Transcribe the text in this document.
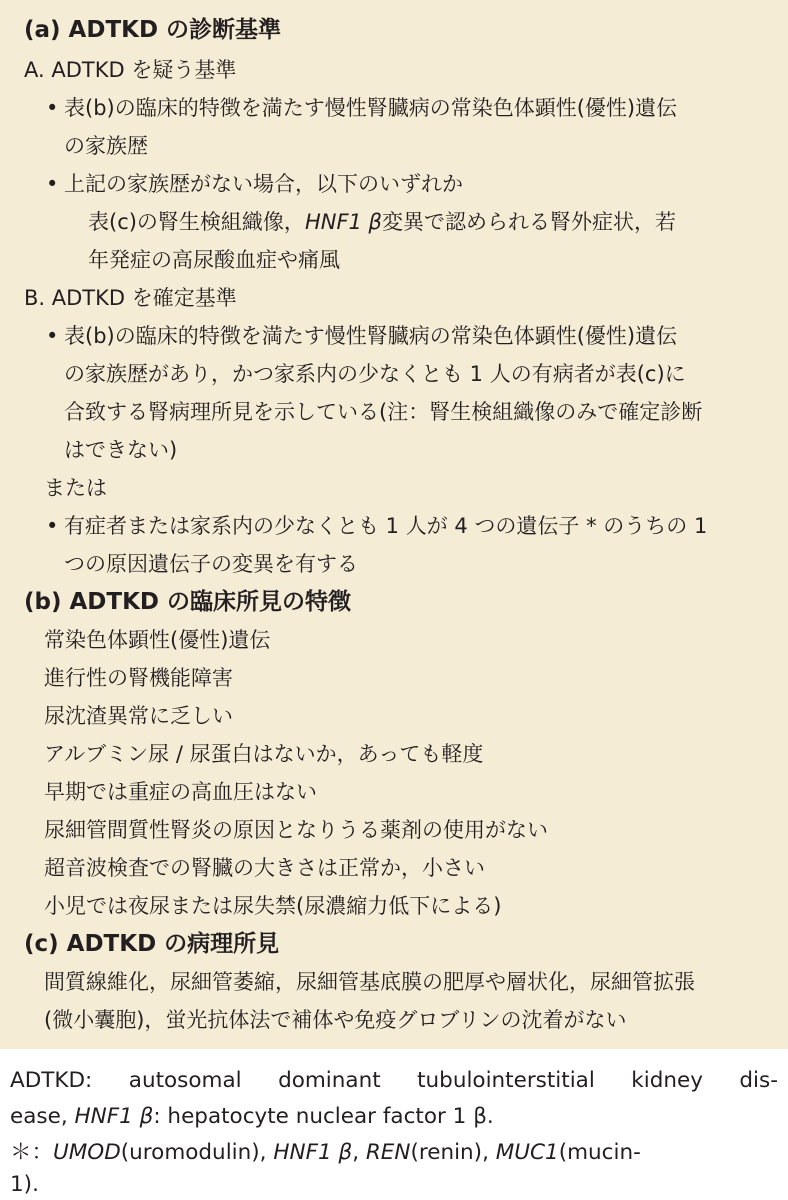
(a) ADTKD の診断基準
A. ADTKD を疑う基準
• 表(b)の臨床的特徴を満たす慢性腎臓病の常染色体顕性(優性)遺伝
の家族歴
• 上記の家族歴がない場合，以下のいずれか
表(c)の腎生検組織像，HNF1 β変異で認められる腎外症状，若
年発症の高尿酸血症や痛風
B. ADTKD を確定基準
• 表(b)の臨床的特徴を満たす慢性腎臓病の常染色体顕性(優性)遺伝
の家族歴があり，かつ家系内の少なくとも 1 人の有病者が表(c)に
合致する腎病理所見を示している(注：腎生検組織像のみで確定診断
はできない)
または
• 有症者または家系内の少なくとも 1 人が 4 つの遺伝子 * のうちの 1
つの原因遺伝子の変異を有する
(b) ADTKD の臨床所見の特徴
常染色体顕性(優性)遺伝
進行性の腎機能障害
尿沈渣異常に乏しい
アルブミン尿 / 尿蛋白はないか，あっても軽度
早期では重症の高血圧はない
尿細管間質性腎炎の原因となりうる薬剤の使用がない
超音波検査での腎臓の大きさは正常か，小さい
小児では夜尿または尿失禁(尿濃縮力低下による)
(c) ADTKD の病理所見
間質線維化，尿細管萎縮，尿細管基底膜の肥厚や層状化，尿細管拡張
(微小囊胞)，蛍光抗体法で補体や免疫グロブリンの沈着がない
ADTKD: autosomal dominant tubulointerstitial kidney dis-
ease, HNF1 β: hepatocyte nuclear factor 1 β.
＊：UMOD(uromodulin), HNF1 β, REN(renin), MUC1(mucin-
1).
